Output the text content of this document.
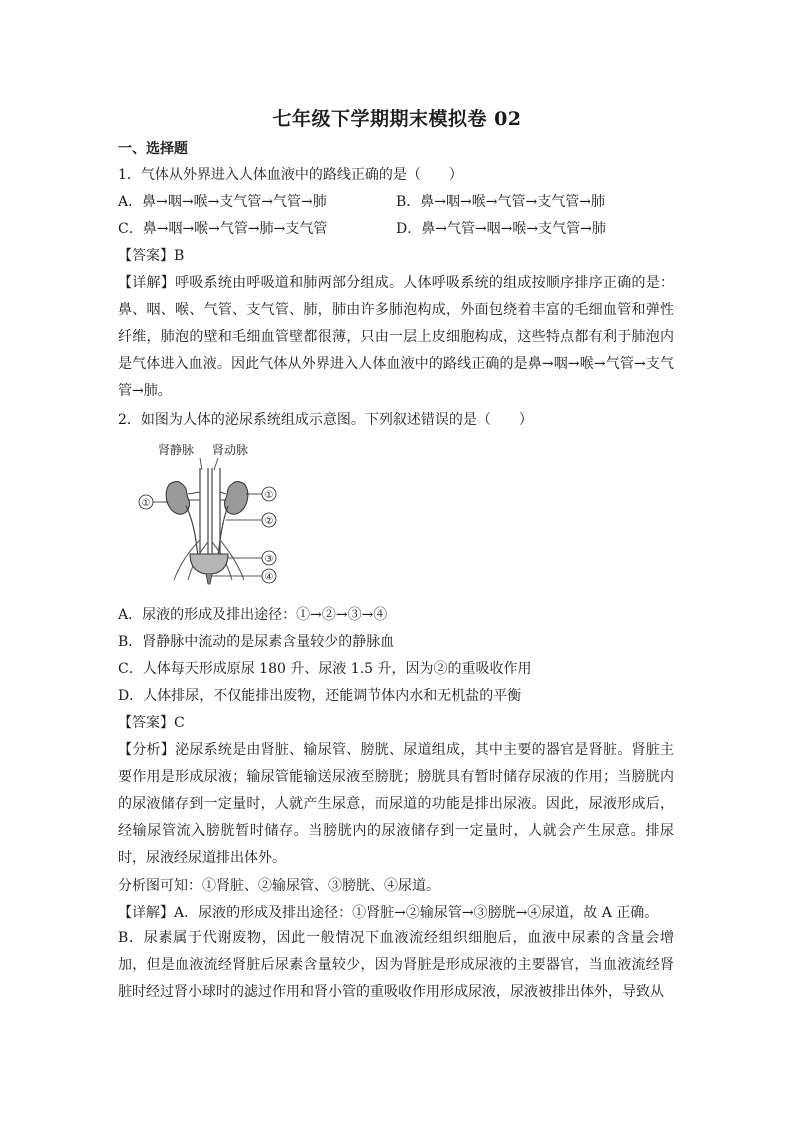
七年级下学期期末模拟卷 02
一、选择题
1．气体从外界进入人体血液中的路线正确的是（　　）
A．鼻→咽→喉→支气管→气管→肺	B．鼻→咽→喉→气管→支气管→肺
C．鼻→咽→喉→气管→肺→支气管	D．鼻→气管→咽→喉→支气管→肺
【答案】B
【详解】呼吸系统由呼吸道和肺两部分组成。人体呼吸系统的组成按顺序排序正确的是：鼻、咽、喉、气管、支气管、肺，肺由许多肺泡构成，外面包绕着丰富的毛细血管和弹性纤维，肺泡的壁和毛细血管壁都很薄，只由一层上皮细胞构成，这些特点都有利于肺泡内是气体进入血液。因此气体从外界进入人体血液中的路线正确的是鼻→咽→喉→气管→支气管→肺。
2．如图为人体的泌尿系统组成示意图。下列叙述错误的是（　　）
肾静脉 肾动脉
①
①
②
③
④
A．尿液的形成及排出途径：①→②→③→④
B．肾静脉中流动的是尿素含量较少的静脉血
C．人体每天形成原尿 180 升、尿液 1.5 升，因为②的重吸收作用
D．人体排尿，不仅能排出废物，还能调节体内水和无机盐的平衡
【答案】C
【分析】泌尿系统是由肾脏、输尿管、膀胱、尿道组成，其中主要的器官是肾脏。肾脏主要作用是形成尿液；输尿管能输送尿液至膀胱；膀胱具有暂时储存尿液的作用；当膀胱内的尿液储存到一定量时，人就产生尿意，而尿道的功能是排出尿液。因此，尿液形成后，经输尿管流入膀胱暂时储存。当膀胱内的尿液储存到一定量时，人就会产生尿意。排尿时，尿液经尿道排出体外。
分析图可知：①肾脏、②输尿管、③膀胱、④尿道。
【详解】A．尿液的形成及排出途径：①肾脏→②输尿管→③膀胱→④尿道，故 A 正确。
B．尿素属于代谢废物，因此一般情况下血液流经组织细胞后，血液中尿素的含量会增加，但是血液流经肾脏后尿素含量较少，因为肾脏是形成尿液的主要器官，当血液流经肾脏时经过肾小球时的滤过作用和肾小管的重吸收作用形成尿液，尿液被排出体外，导致从
